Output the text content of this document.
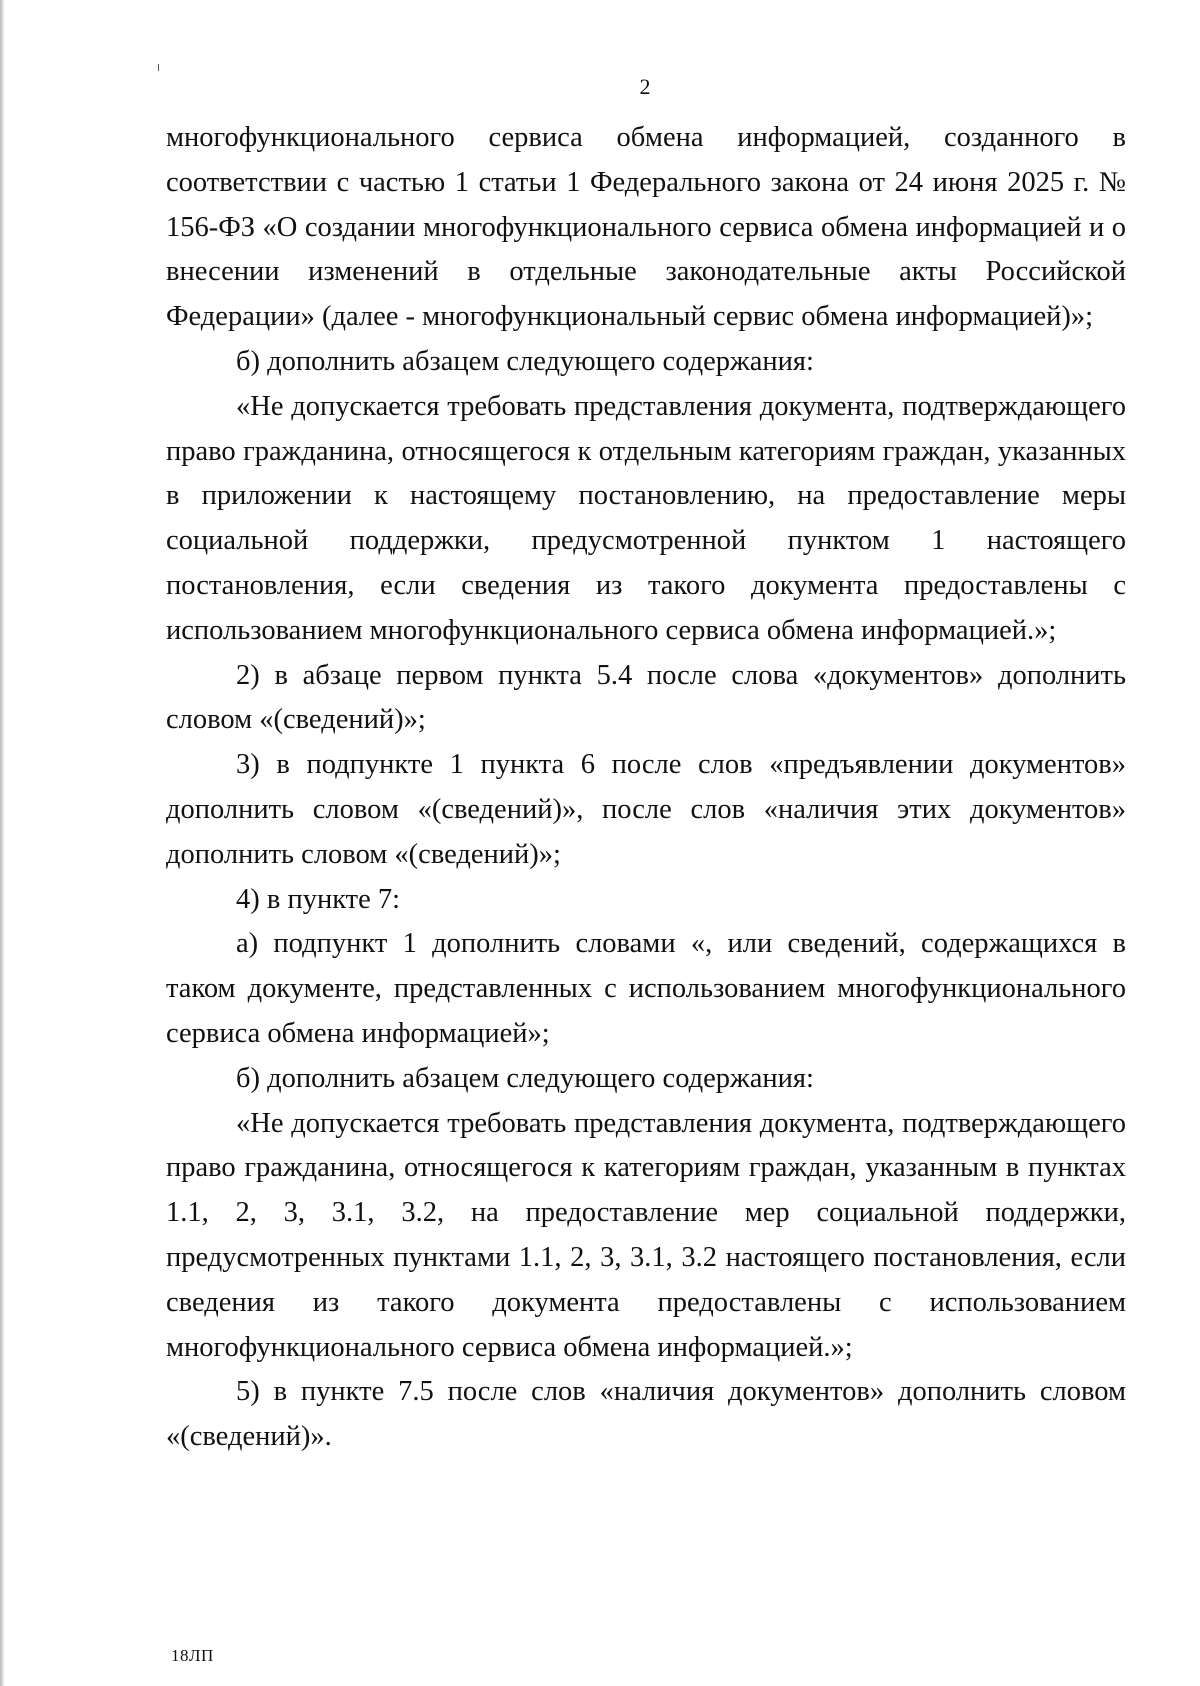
2

многофункционального сервиса обмена информацией, созданного в соответствии с частью 1 статьи 1 Федерального закона от 24 июня 2025 г. № 156-ФЗ «О создании многофункционального сервиса обмена информацией и о внесении изменений в отдельные законодательные акты Российской Федерации» (далее - многофункциональный сервис обмена информацией)»;

б) дополнить абзацем следующего содержания:

«Не допускается требовать представления документа, подтверждающего право гражданина, относящегося к отдельным категориям граждан, указанных в приложении к настоящему постановлению, на предоставление меры социальной поддержки, предусмотренной пунктом 1 настоящего постановления, если сведения из такого документа предоставлены с использованием многофункционального сервиса обмена информацией.»;

2) в абзаце первом пункта 5.4 после слова «документов» дополнить словом «(сведений)»;

3) в подпункте 1 пункта 6 после слов «предъявлении документов» дополнить словом «(сведений)», после слов «наличия этих документов» дополнить словом «(сведений)»;

4) в пункте 7:

а) подпункт 1 дополнить словами «, или сведений, содержащихся в таком документе, представленных с использованием многофункционального сервиса обмена информацией»;

б) дополнить абзацем следующего содержания:

«Не допускается требовать представления документа, подтверждающего право гражданина, относящегося к категориям граждан, указанным в пунктах 1.1, 2, 3, 3.1, 3.2, на предоставление мер социальной поддержки, предусмотренных пунктами 1.1, 2, 3, 3.1, 3.2 настоящего постановления, если сведения из такого документа предоставлены с использованием многофункционального сервиса обмена информацией.»;

5) в пункте 7.5 после слов «наличия документов» дополнить словом «(сведений)».

18ЛП
